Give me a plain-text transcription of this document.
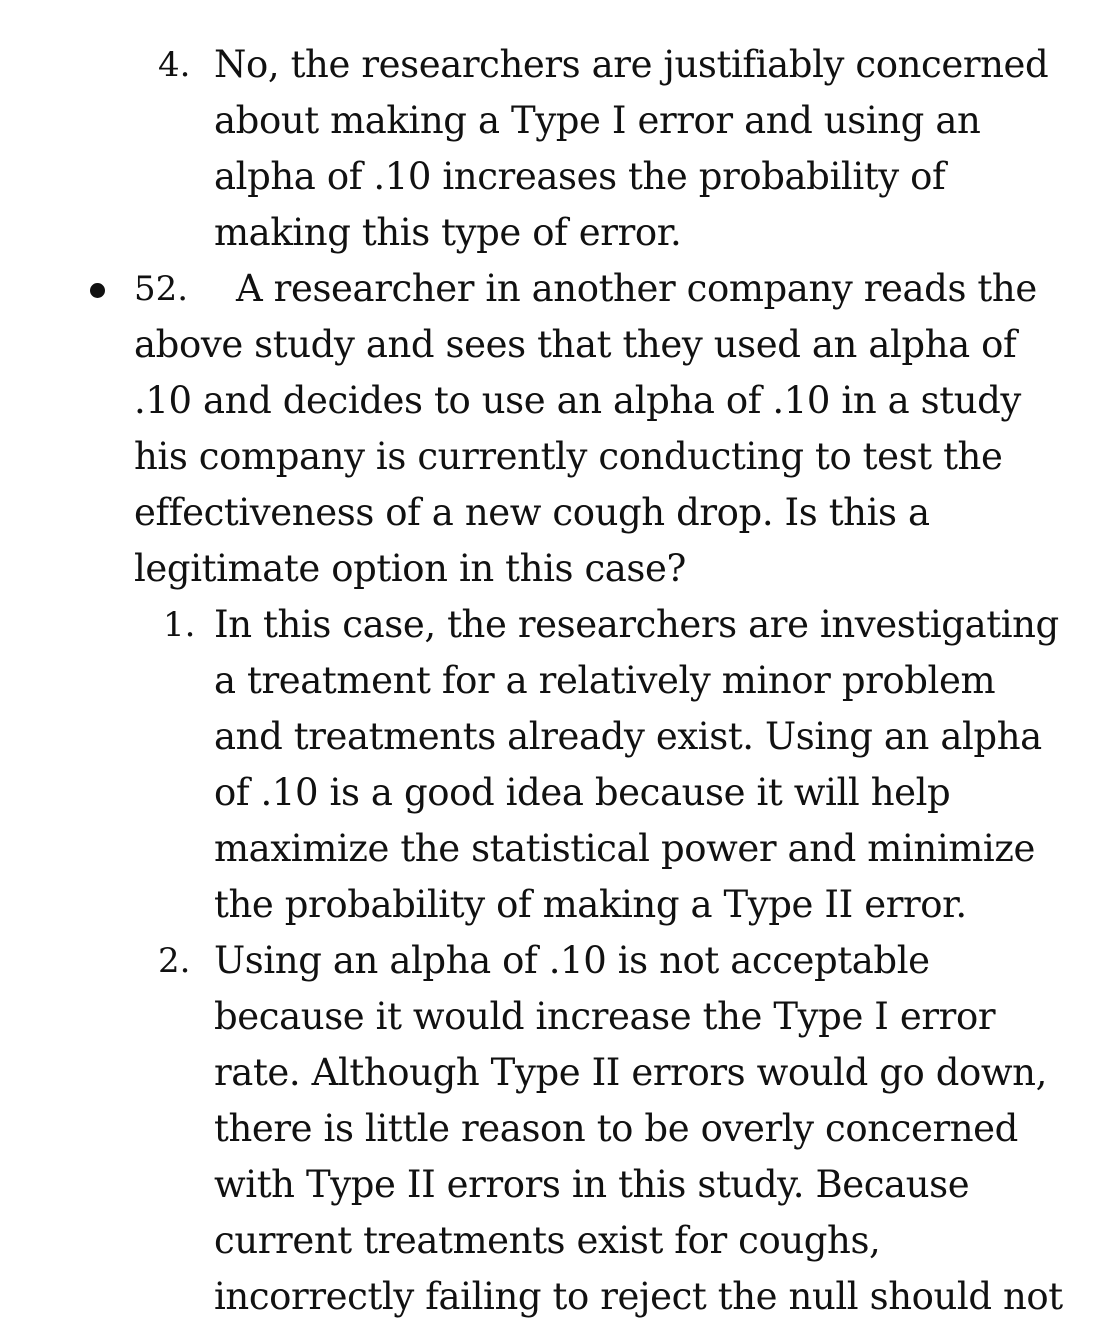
4. No, the researchers are justifiably concerned
about making a Type I error and using an
alpha of .10 increases the probability of
making this type of error.
52. A researcher in another company reads the
above study and sees that they used an alpha of
.10 and decides to use an alpha of .10 in a study
his company is currently conducting to test the
effectiveness of a new cough drop. Is this a
legitimate option in this case?
1. In this case, the researchers are investigating
a treatment for a relatively minor problem
and treatments already exist. Using an alpha
of .10 is a good idea because it will help
maximize the statistical power and minimize
the probability of making a Type II error.
2. Using an alpha of .10 is not acceptable
because it would increase the Type I error
rate. Although Type II errors would go down,
there is little reason to be overly concerned
with Type II errors in this study. Because
current treatments exist for coughs,
incorrectly failing to reject the null should not
